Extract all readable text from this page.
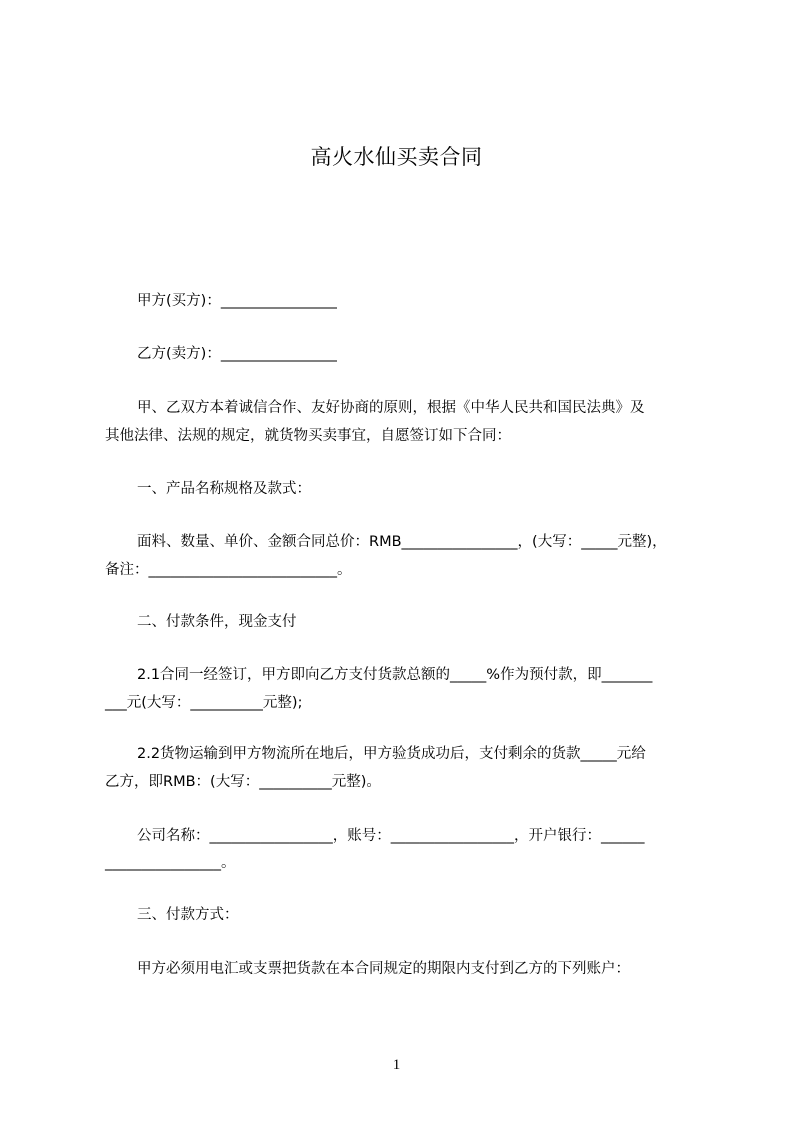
高火水仙买卖合同
甲方(买方)：________________
乙方(卖方)：________________
甲、乙双方本着诚信合作、友好协商的原则，根据《中华人民共和国民法典》及
其他法律、法规的规定，就货物买卖事宜，自愿签订如下合同：
一、产品名称规格及款式：
面料、数量、单价、金额合同总价：RMB________________，(大写：_____元整)，
备注：__________________________。
二、付款条件，现金支付
2.1合同一经签订，甲方即向乙方支付货款总额的_____%作为预付款，即_______
___元(大写：__________元整);
2.2货物运输到甲方物流所在地后，甲方验货成功后，支付剩余的货款_____元给
乙方，即RMB：(大写：__________元整)。
公司名称：_________________，账号：_________________，开户银行：______
________________。
三、付款方式：
甲方必须用电汇或支票把货款在本合同规定的期限内支付到乙方的下列账户：
1
